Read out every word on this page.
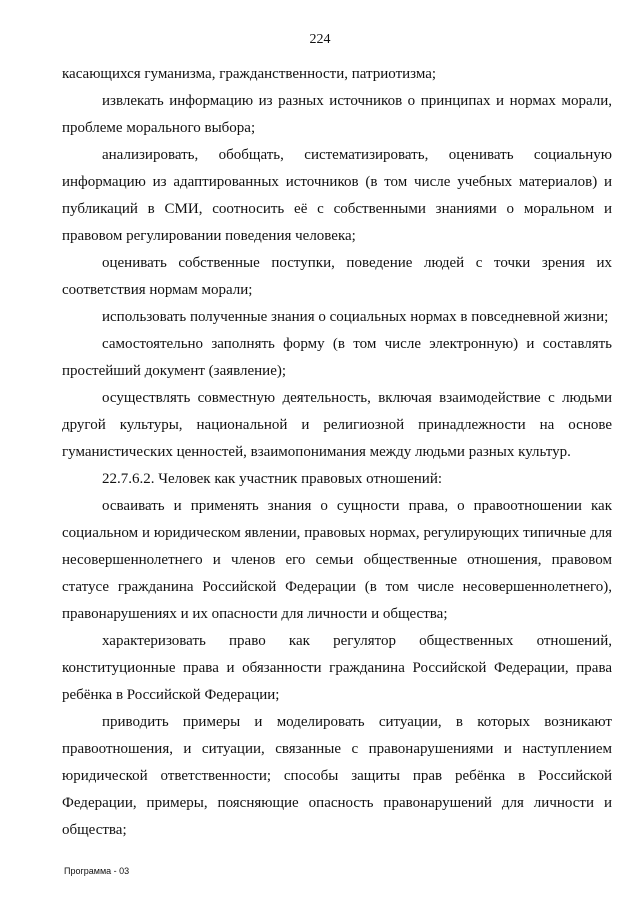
224

касающихся гуманизма, гражданственности, патриотизма;

извлекать информацию из разных источников о принципах и нормах морали, проблеме морального выбора;

анализировать, обобщать, систематизировать, оценивать социальную информацию из адаптированных источников (в том числе учебных материалов) и публикаций в СМИ, соотносить её с собственными знаниями о моральном и правовом регулировании поведения человека;

оценивать собственные поступки, поведение людей с точки зрения их соответствия нормам морали;

использовать полученные знания о социальных нормах в повседневной жизни;

самостоятельно заполнять форму (в том числе электронную) и составлять простейший документ (заявление);

осуществлять совместную деятельность, включая взаимодействие с людьми другой культуры, национальной и религиозной принадлежности на основе гуманистических ценностей, взаимопонимания между людьми разных культур.

22.7.6.2. Человек как участник правовых отношений:

осваивать и применять знания о сущности права, о правоотношении как социальном и юридическом явлении, правовых нормах, регулирующих типичные для несовершеннолетнего и членов его семьи общественные отношения, правовом статусе гражданина Российской Федерации (в том числе несовершеннолетнего), правонарушениях и их опасности для личности и общества;

характеризовать право как регулятор общественных отношений, конституционные права и обязанности гражданина Российской Федерации, права ребёнка в Российской Федерации;

приводить примеры и моделировать ситуации, в которых возникают правоотношения, и ситуации, связанные с правонарушениями и наступлением юридической ответственности; способы защиты прав ребёнка в Российской Федерации, примеры, поясняющие опасность правонарушений для личности и общества;

Программа - 03
